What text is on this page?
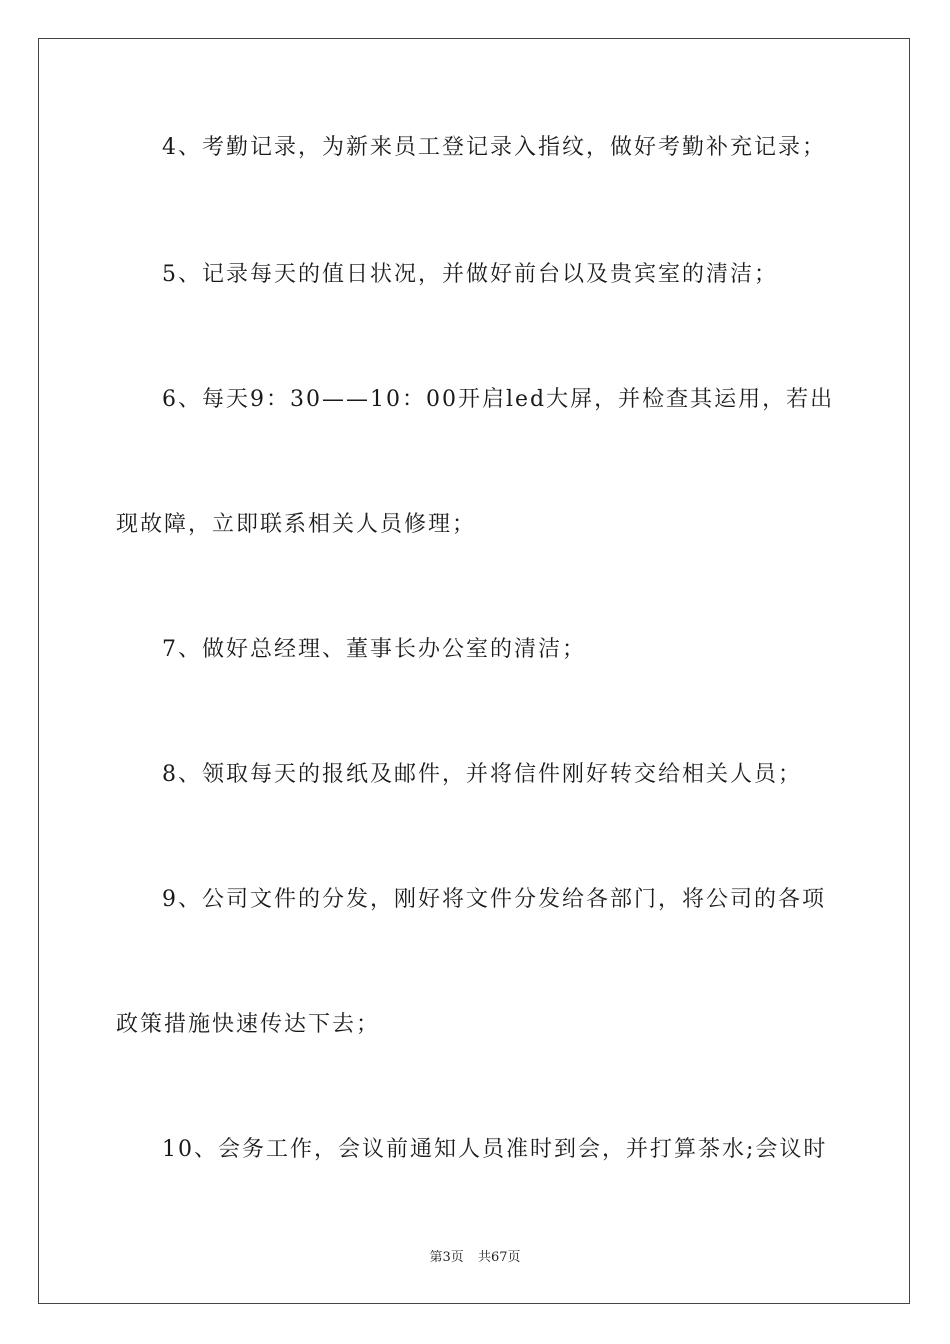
4、考勤记录，为新来员工登记录入指纹，做好考勤补充记录；
5、记录每天的值日状况，并做好前台以及贵宾室的清洁；
6、每天9：30——10：00开启led大屏，并检查其运用，若出
现故障，立即联系相关人员修理；
7、做好总经理、董事长办公室的清洁；
8、领取每天的报纸及邮件，并将信件刚好转交给相关人员；
9、公司文件的分发，刚好将文件分发给各部门，将公司的各项
政策措施快速传达下去；
10、会务工作，会议前通知人员准时到会，并打算茶水;会议时
第3页 共67页
